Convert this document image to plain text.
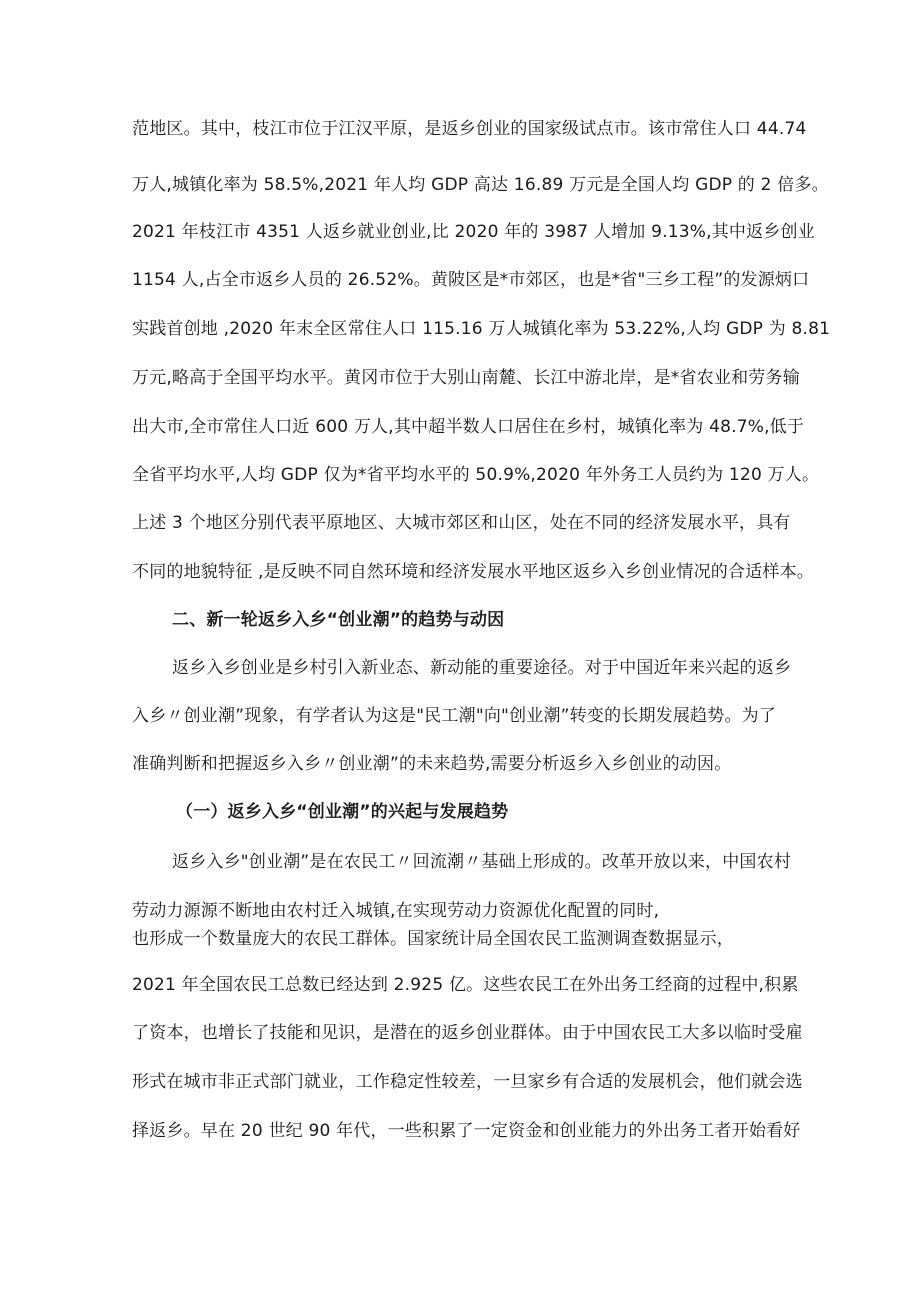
范地区。其中，枝江市位于江汉平原，是返乡创业的国家级试点市。该市常住人口 44.74
万人,城镇化率为 58.5%,2021 年人均 GDP 高达 16.89 万元是全国人均 GDP 的 2 倍多。
2021 年枝江市 4351 人返乡就业创业,比 2020 年的 3987 人增加 9.13%,其中返乡创业
1154 人,占全市返乡人员的 26.52%。黄陂区是*市郊区，也是*省"三乡工程”的发源炳口
实践首创地 ,2020 年末全区常住人口 115.16 万人城镇化率为 53.22%,人均 GDP 为 8.81
万元,略高于全国平均水平。黄冈市位于大别山南麓、长江中游北岸，是*省农业和劳务输
出大市,全市常住人口近 600 万人,其中超半数人口居住在乡村，城镇化率为 48.7%,低于
全省平均水平,人均 GDP 仅为*省平均水平的 50.9%,2020 年外务工人员约为 120 万人。
上述 3 个地区分别代表平原地区、大城市郊区和山区，处在不同的经济发展水平，具有
不同的地貌特征 ,是反映不同自然环境和经济发展水平地区返乡入乡创业情况的合适样本。
二、新一轮返乡入乡“创业潮”的趋势与动因
返乡入乡创业是乡村引入新业态、新动能的重要途径。对于中国近年来兴起的返乡
入乡〃创业潮”现象，有学者认为这是"民工潮"向"创业潮”转变的长期发展趋势。为了
准确判断和把握返乡入乡〃创业潮”的未来趋势,需要分析返乡入乡创业的动因。
（一）返乡入乡“创业潮”的兴起与发展趋势
返乡入乡"创业潮”是在农民工〃回流潮〃基础上形成的。改革开放以来，中国农村
劳动力源源不断地由农村迁入城镇,在实现劳动力资源优化配置的同时,
也形成一个数量庞大的农民工群体。国家统计局全国农民工监测调查数据显示，
2021 年全国农民工总数已经达到 2.925 亿。这些农民工在外出务工经商的过程中,积累
了资本，也增长了技能和见识，是潜在的返乡创业群体。由于中国农民工大多以临时受雇
形式在城市非正式部门就业，工作稳定性较差，一旦家乡有合适的发展机会，他们就会选
择返乡。早在 20 世纪 90 年代，一些积累了一定资金和创业能力的外出务工者开始看好
